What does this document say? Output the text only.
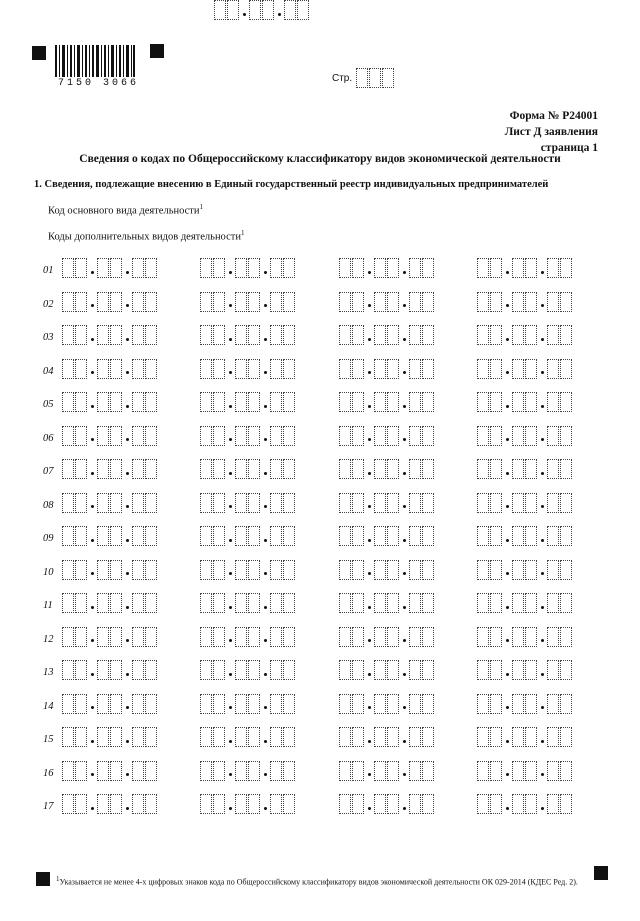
7150 3066	Стр.
Форма № Р24001
Лист Д заявления
страница 1
Сведения о кодах по Общероссийскому классификатору видов экономической деятельности
1. Сведения, подлежащие внесению в Единый государственный реестр индивидуальных предпринимателей
Код основного вида деятельности$^1$
Коды дополнительных видов деятельности$^1$
01
02
03
04
05
06
07
08
09
10
11
12
13
14
15
16
17
$^1$Указывается не менее 4-х цифровых знаков кода по Общероссийскому классификатору видов экономической деятельности ОК 029-2014 (КДЕС Ред. 2).
